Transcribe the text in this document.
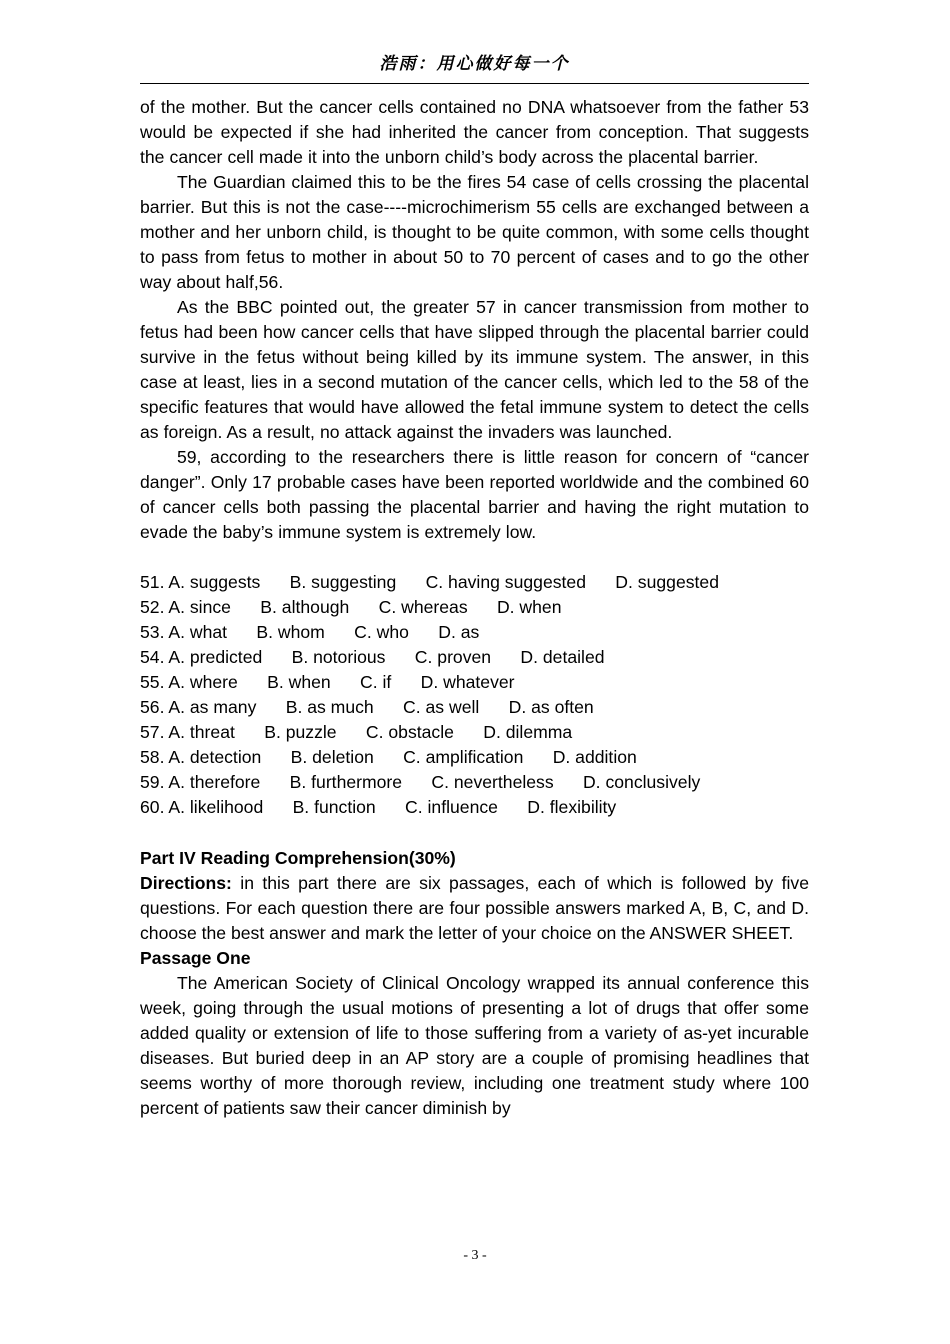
浩雨：用心做好每一个

of the mother. But the cancer cells contained no DNA whatsoever from the father 53 would be expected if she had inherited the cancer from conception. That suggests the cancer cell made it into the unborn child’s body across the placental barrier.

The Guardian claimed this to be the fires 54 case of cells crossing the placental barrier. But this is not the case----microchimerism 55 cells are exchanged between a mother and her unborn child, is thought to be quite common, with some cells thought to pass from fetus to mother in about 50 to 70 percent of cases and to go the other way about half,56.

As the BBC pointed out, the greater 57 in cancer transmission from mother to fetus had been how cancer cells that have slipped through the placental barrier could survive in the fetus without being killed by its immune system. The answer, in this case at least, lies in a second mutation of the cancer cells, which led to the 58 of the specific features that would have allowed the fetal immune system to detect the cells as foreign. As a result, no attack against the invaders was launched.

59, according to the researchers there is little reason for concern of “cancer danger”. Only 17 probable cases have been reported worldwide and the combined 60 of cancer cells both passing the placental barrier and having the right mutation to evade the baby’s immune system is extremely low.

51. A. suggests      B. suggesting      C. having suggested      D. suggested
52. A. since      B. although      C. whereas      D. when
53. A. what      B. whom      C. who      D. as
54. A. predicted      B. notorious      C. proven      D. detailed
55. A. where      B. when      C. if      D. whatever
56. A. as many      B. as much      C. as well      D. as often
57. A. threat      B. puzzle      C. obstacle      D. dilemma
58. A. detection      B. deletion      C. amplification      D. addition
59. A. therefore      B. furthermore      C. nevertheless      D. conclusively
60. A. likelihood      B. function      C. influence      D. flexibility
Part IV Reading Comprehension(30%)

Directions: in this part there are six passages, each of which is followed by five questions. For each question there are four possible answers marked A, B, C, and D. choose the best answer and mark the letter of your choice on the ANSWER SHEET.

Passage One

The American Society of Clinical Oncology wrapped its annual conference this week, going through the usual motions of presenting a lot of drugs that offer some added quality or extension of life to those suffering from a variety of as-yet incurable diseases. But buried deep in an AP story are a couple of promising headlines that seems worthy of more thorough review, including one treatment study where 100 percent of patients saw their cancer diminish by

- 3 -
